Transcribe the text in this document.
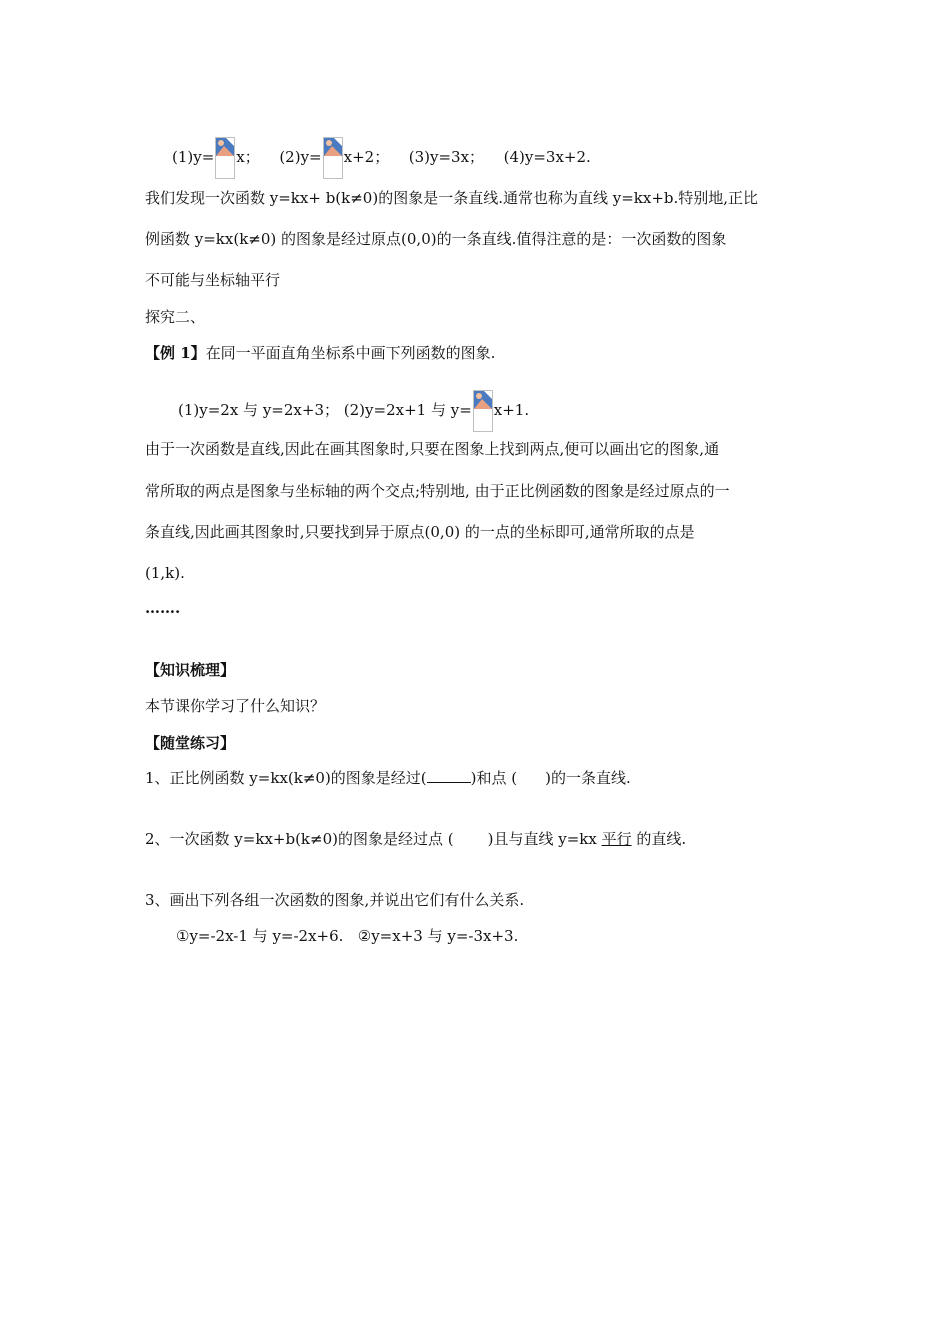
(1)y= x； (2)y= x+2； (3)y=3x； (4)y=3x+2.
我们发现一次函数 y=kx+ b(k≠0)的图象是一条直线.通常也称为直线 y=kx+b.特别地,正比
例函数 y=kx(k≠0) 的图象是经过原点(0,0)的一条直线.值得注意的是：一次函数的图象
不可能与坐标轴平行
探究二、
【例 1】在同一平面直角坐标系中画下列函数的图象.
(1)y=2x 与 y=2x+3； (2)y=2x+1 与 y= x+1.
由于一次函数是直线,因此在画其图象时,只要在图象上找到两点,便可以画出它的图象,通
常所取的两点是图象与坐标轴的两个交点;特别地, 由于正比例函数的图象是经过原点的一
条直线,因此画其图象时,只要找到异于原点(0,0) 的一点的坐标即可,通常所取的点是
(1,k).
…….
【知识梳理】
本节课你学习了什么知识？
【随堂练习】
1、正比例函数 y=kx(k≠0)的图象是经过(	)和点 ( )的一条直线.
2、一次函数 y=kx+b(k≠0)的图象是经过点 ( )且与直线 y=kx 平行 的直线.
3、画出下列各组一次函数的图象,并说出它们有什么关系.
①y=-2x-1 与 y=-2x+6.   ②y=x+3 与 y=-3x+3.
